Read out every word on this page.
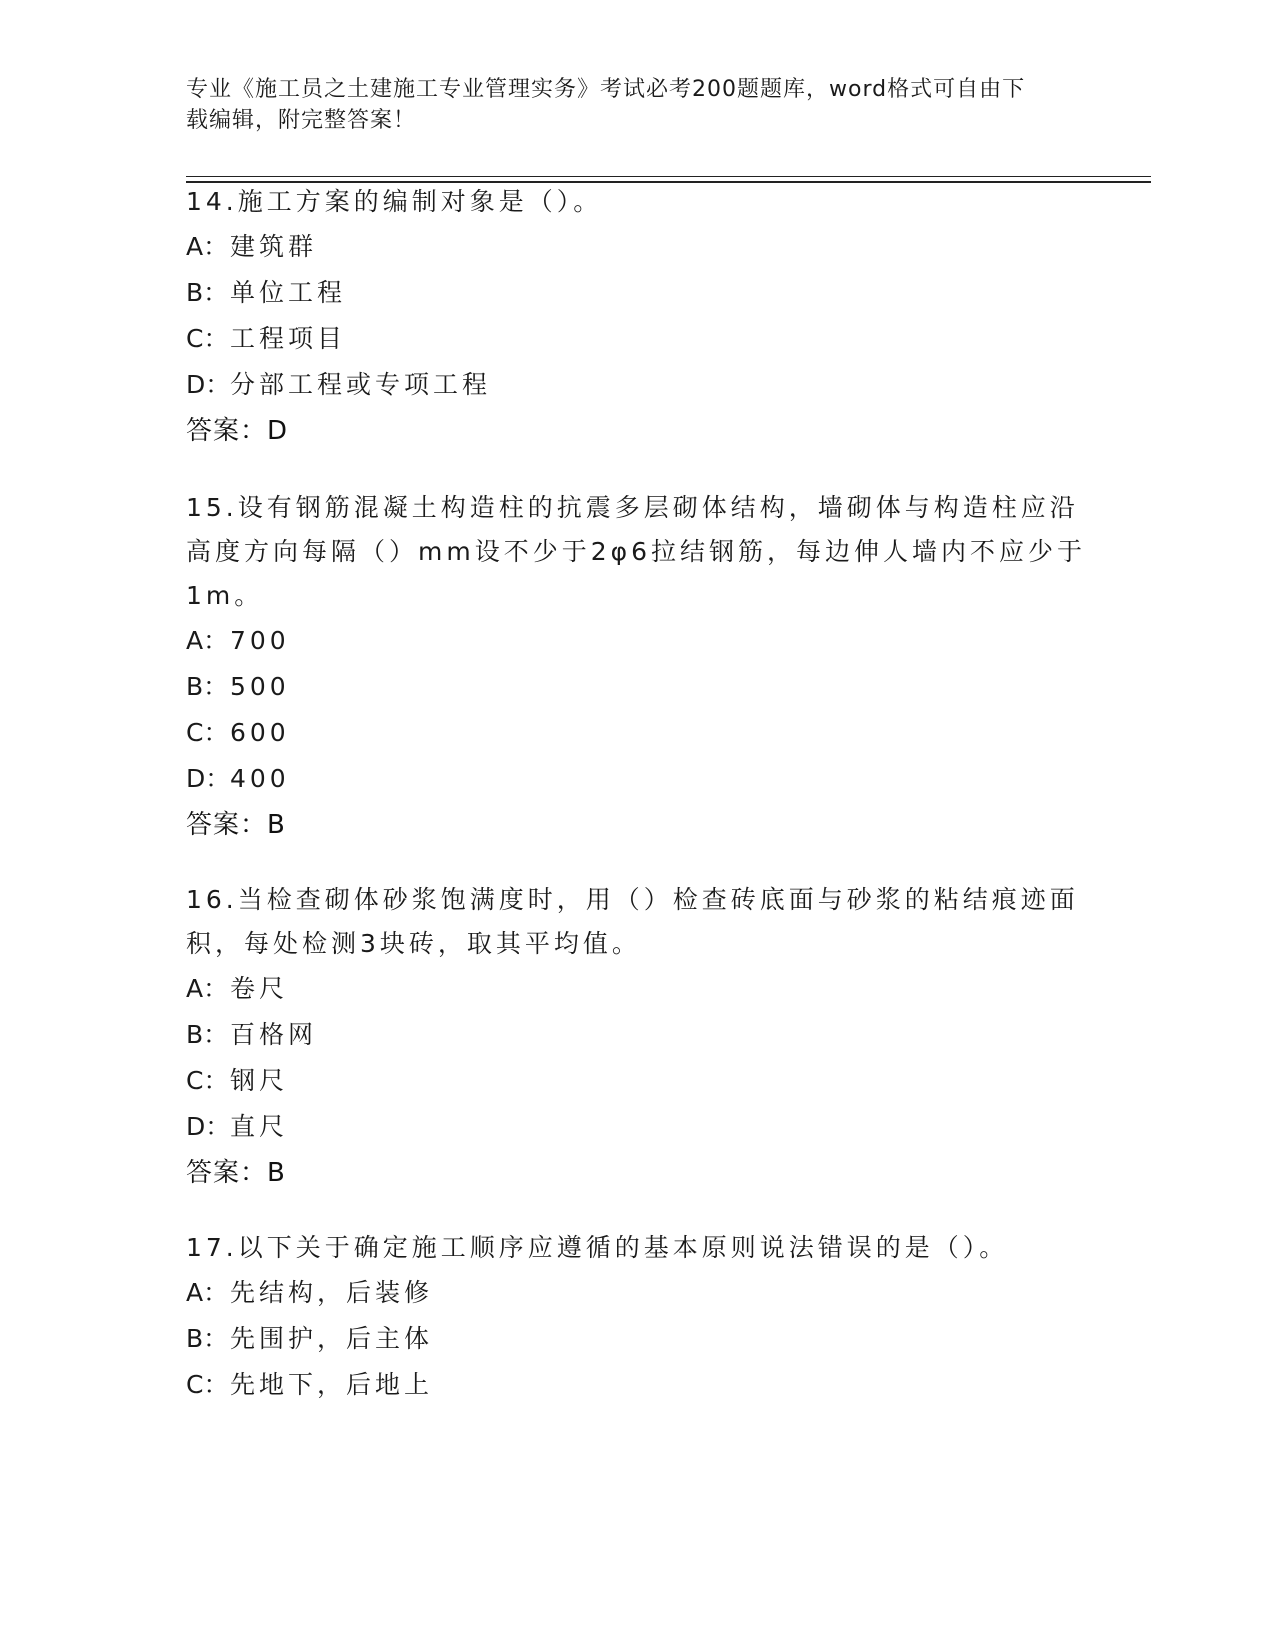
专业《施工员之土建施工专业管理实务》考试必考200题题库，word格式可自由下载编辑，附完整答案！

14.施工方案的编制对象是（）。

A：建筑群
B：单位工程
C：工程项目
D：分部工程或专项工程
答案：D

15.设有钢筋混凝土构造柱的抗震多层砌体结构，墙砌体与构造柱应沿高度方向每隔（）mm设不少于2φ6拉结钢筋，每边伸人墙内不应少于1m。

A：700
B：500
C：600
D：400
答案：B

16.当检查砌体砂浆饱满度时，用（）检查砖底面与砂浆的粘结痕迹面积，每处检测3块砖，取其平均值。

A：卷尺
B：百格网
C：钢尺
D：直尺
答案：B

17.以下关于确定施工顺序应遵循的基本原则说法错误的是（）。

A：先结构，后装修
B：先围护，后主体
C：先地下，后地上
